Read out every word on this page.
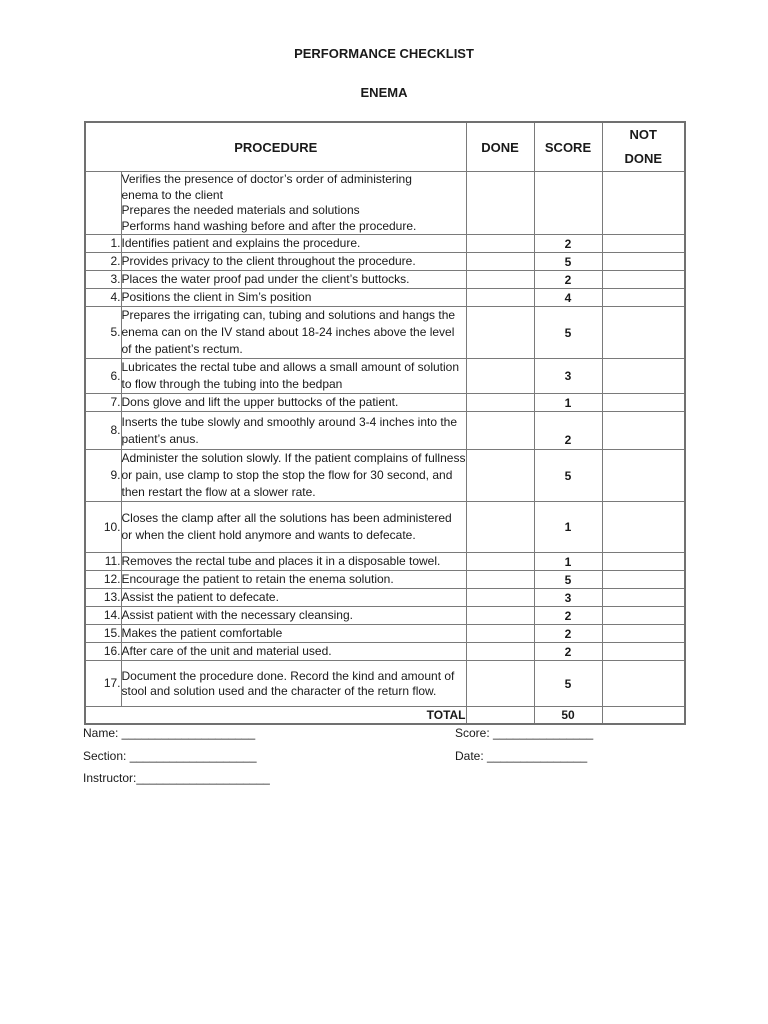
PERFORMANCE CHECKLIST
ENEMA
PROCEDURE		DONE	SCORE	NOT
DONE

	Verifies the presence of doctor’s order of administering
enema to the client
Prepares the needed materials and solutions
Performs hand washing before and after the procedure.			

1.	Identifies patient and explains the procedure.		2	
2.	Provides privacy to the client throughout the procedure.		5	
3.	Places the water proof pad under the client’s buttocks.		2	
4.	Positions the client in Sim’s position		4	
5.	Prepares the irrigating can, tubing and solutions and hangs the enema can on the IV stand about 18-24 inches above the level of the patient’s rectum.		5	
6.	Lubricates the rectal tube and allows a small amount of solution to flow through the tubing into the bedpan		3	
7.	Dons glove and lift the upper buttocks of the patient.		1	
8.	Inserts the tube slowly and smoothly around 3-4 inches into the patient’s anus.		2	
9.	Administer the solution slowly. If the patient complains of fullness or pain, use clamp to stop the stop the flow for 30 second, and then restart the flow at a slower rate.		5	
10.	Closes the clamp after all the solutions has been administered or when the client hold anymore and wants to defecate.		1	
11.	Removes the rectal tube and places it in a disposable towel.		1	
12.	Encourage the patient to retain the enema solution.		5	
13.	Assist the patient to defecate.		3	
14.	Assist patient with the necessary cleansing.		2	
15.	Makes the patient comfortable		2	
16.	After care of the unit and material used.		2	
17.	Document the procedure done. Record the kind and amount of stool and solution used and the character of the return flow.		5	
TOTAL			50	
Name: ____________________
Section: ___________________
Instructor:____________________
Score: _______________
Date: _______________
